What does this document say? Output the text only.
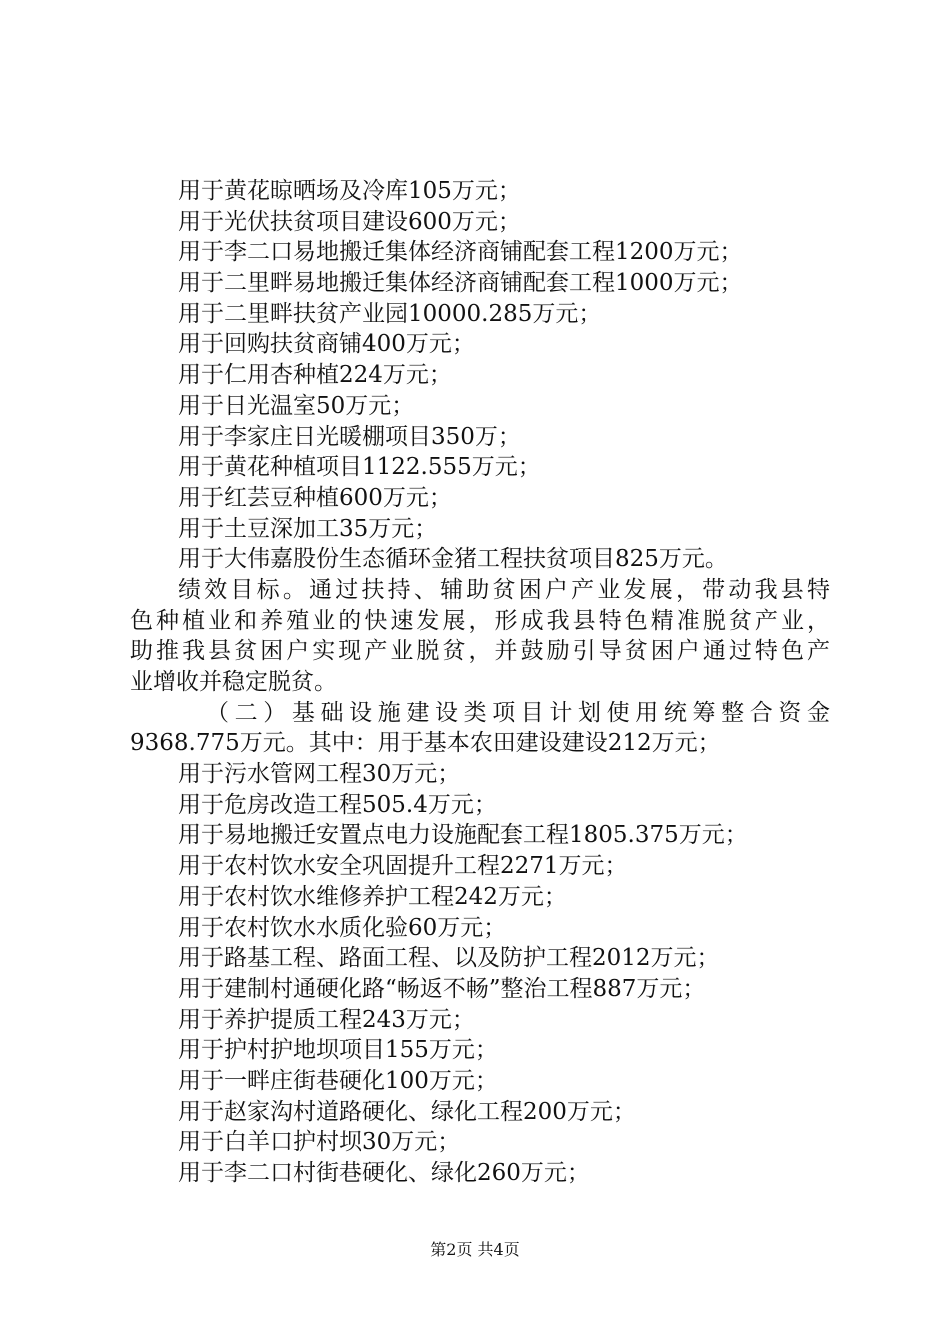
用于黄花晾晒场及冷库105万元；
用于光伏扶贫项目建设600万元；
用于李二口易地搬迁集体经济商铺配套工程1200万元；
用于二里畔易地搬迁集体经济商铺配套工程1000万元；
用于二里畔扶贫产业园10000.285万元；
用于回购扶贫商铺400万元；
用于仁用杏种植224万元；
用于日光温室50万元；
用于李家庄日光暖棚项目350万；
用于黄花种植项目1122.555万元；
用于红芸豆种植600万元；
用于土豆深加工35万元；
用于大伟嘉股份生态循环金猪工程扶贫项目825万元。
绩效目标。通过扶持、辅助贫困户产业发展，带动我县特
色种植业和养殖业的快速发展，形成我县特色精准脱贫产业，
助推我县贫困户实现产业脱贫，并鼓励引导贫困户通过特色产
业增收并稳定脱贫。
（二）基础设施建设类项目计划使用统筹整合资金
9368.775万元。其中：用于基本农田建设建设212万元；
用于污水管网工程30万元；
用于危房改造工程505.4万元；
用于易地搬迁安置点电力设施配套工程1805.375万元；
用于农村饮水安全巩固提升工程2271万元；
用于农村饮水维修养护工程242万元；
用于农村饮水水质化验60万元；
用于路基工程、路面工程、以及防护工程2012万元；
用于建制村通硬化路“畅返不畅”整治工程887万元；
用于养护提质工程243万元；
用于护村护地坝项目155万元；
用于一畔庄街巷硬化100万元；
用于赵家沟村道路硬化、绿化工程200万元；
用于白羊口护村坝30万元；
用于李二口村街巷硬化、绿化260万元；
第2页 共4页
